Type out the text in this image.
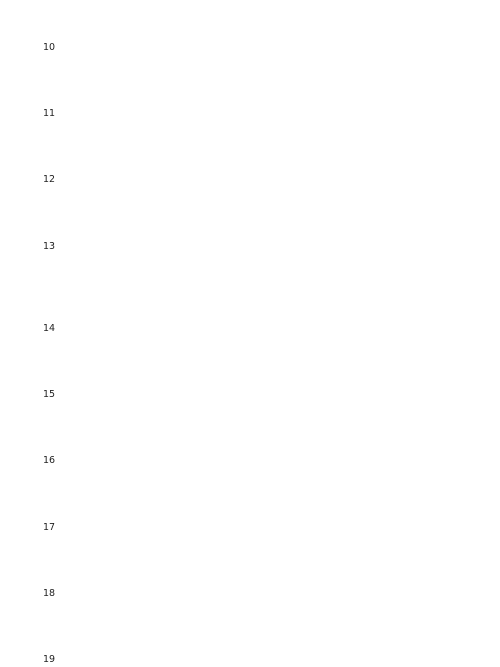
10

11

12

13

14

15

16

17

18

19
